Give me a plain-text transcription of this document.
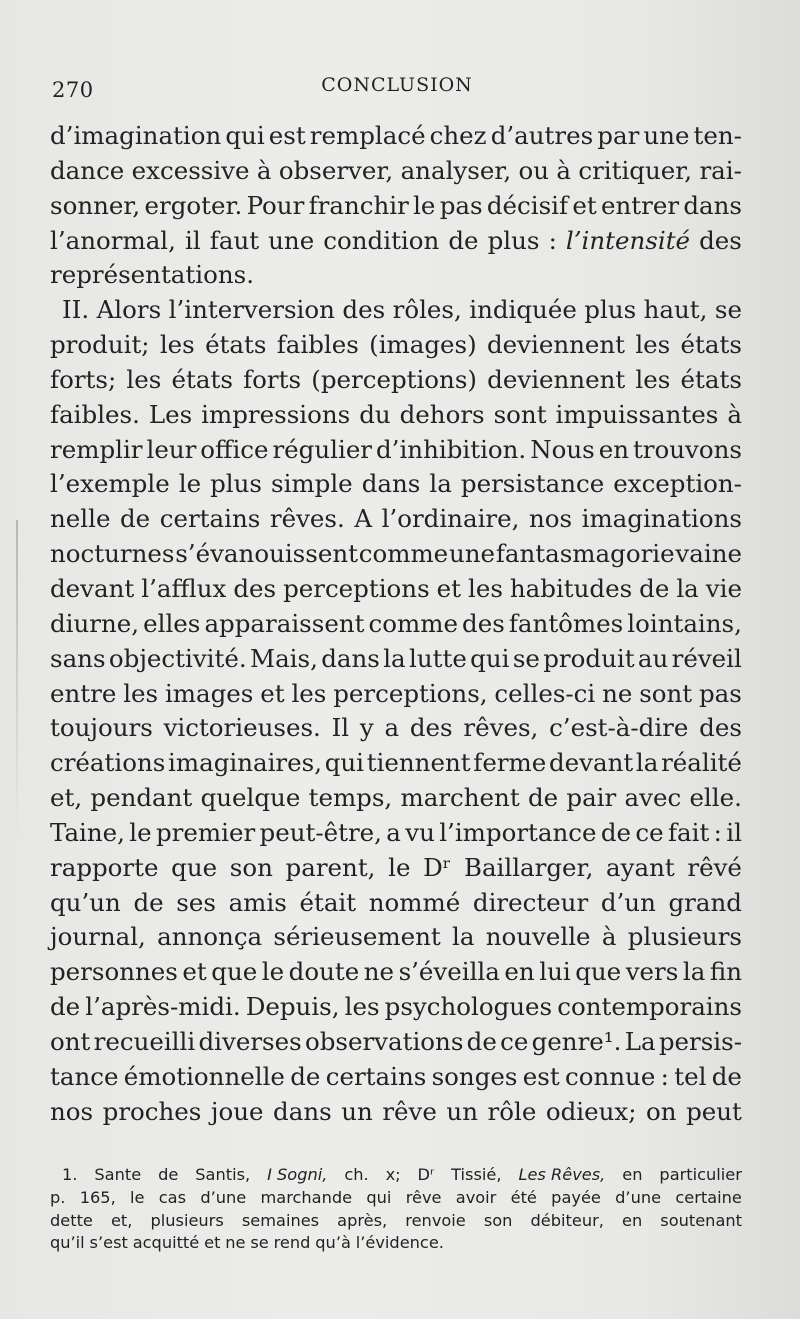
270	CONCLUSION
d’imagination qui est remplacé chez d’autres par une ten-
dance excessive à observer, analyser, ou à critiquer, rai-
sonner, ergoter. Pour franchir le pas décisif et entrer dans
l’anormal, il faut une condition de plus : l’intensité des
représentations.
II. Alors l’interversion des rôles, indiquée plus haut, se
produit; les états faibles (images) deviennent les états
forts; les états forts (perceptions) deviennent les états
faibles. Les impressions du dehors sont impuissantes à
remplir leur office régulier d’inhibition. Nous en trouvons
l’exemple le plus simple dans la persistance exception-
nelle de certains rêves. A l’ordinaire, nos imaginations
nocturnes s’évanouissent comme une fantasmagorie vaine
devant l’afflux des perceptions et les habitudes de la vie
diurne, elles apparaissent comme des fantômes lointains,
sans objectivité. Mais, dans la lutte qui se produit au réveil
entre les images et les perceptions, celles-ci ne sont pas
toujours victorieuses. Il y a des rêves, c’est-à-dire des
créations imaginaires, qui tiennent ferme devant la réalité
et, pendant quelque temps, marchent de pair avec elle.
Taine, le premier peut-être, a vu l’importance de ce fait : il
rapporte que son parent, le Dʳ Baillarger, ayant rêvé
qu’un de ses amis était nommé directeur d’un grand
journal, annonça sérieusement la nouvelle à plusieurs
personnes et que le doute ne s’éveilla en lui que vers la fin
de l’après-midi. Depuis, les psychologues contemporains
ont recueilli diverses observations de ce genre¹. La persis-
tance émotionnelle de certains songes est connue : tel de
nos proches joue dans un rêve un rôle odieux; on peut
1. Sante de Santis, I Sogni, ch. x; Dʳ Tissié, Les Rêves, en particulier
p. 165, le cas d’une marchande qui rêve avoir été payée d’une certaine
dette et, plusieurs semaines après, renvoie son débiteur, en soutenant
qu’il s’est acquitté et ne se rend qu’à l’évidence.
